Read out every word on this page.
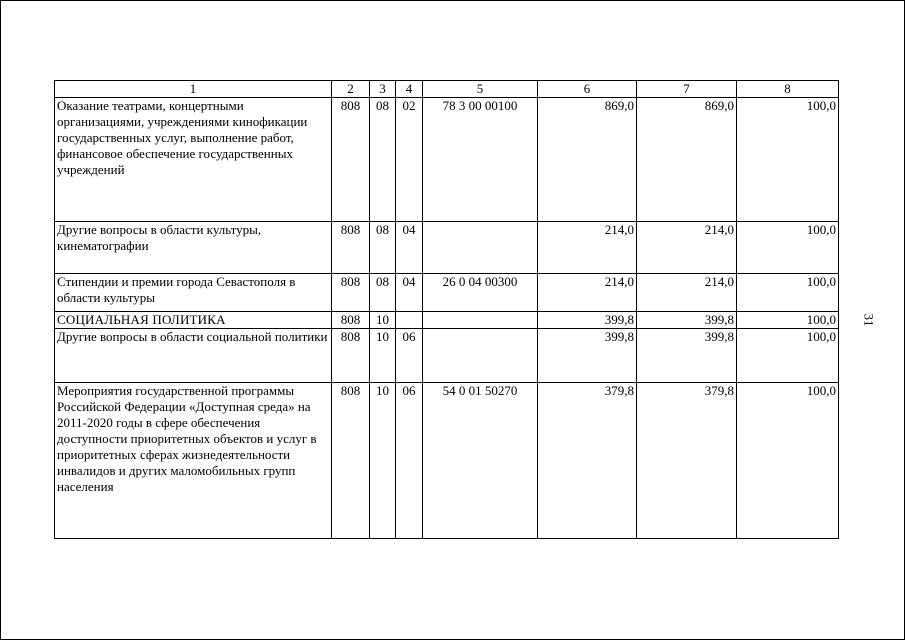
1	2	3	4	5	6	7	8
Оказание театрами, концертными организациями, учреждениями кинофикации государственных услуг, выполнение работ, финансовое обеспечение государственных учреждений	808	08	02	78 3 00 00100	869,0	869,0	100,0
Другие вопросы в области культуры, кинематографии	808	08	04		214,0	214,0	100,0
Стипендии и премии города Севастополя в области культуры	808	08	04	26 0 04 00300	214,0	214,0	100,0
СОЦИАЛЬНАЯ ПОЛИТИКА	808	10			399,8	399,8	100,0
Другие вопросы в области социальной политики	808	10	06		399,8	399,8	100,0
Мероприятия государственной программы Российской Федерации «Доступная среда» на 2011-2020 годы в сфере обеспечения доступности приоритетных объектов и услуг в приоритетных сферах жизнедеятельности инвалидов и других маломобильных групп населения	808	10	06	54 0 01 50270	379,8	379,8	100,0
31
